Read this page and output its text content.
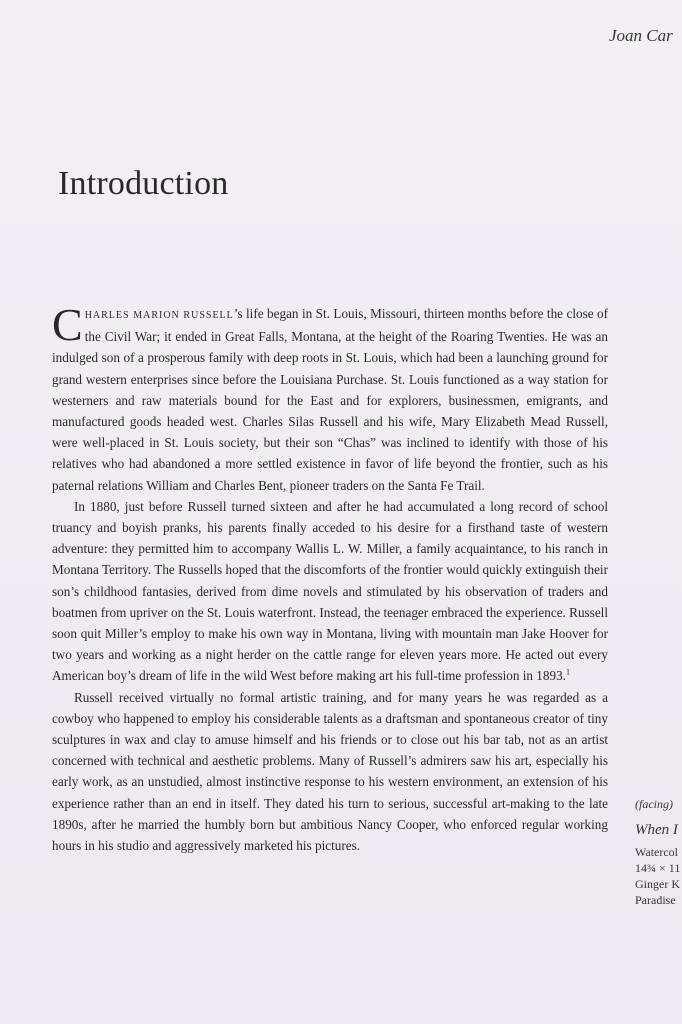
Joan Car
Introduction

CHARLES MARION RUSSELL’s life began in St. Louis, Missouri, thirteen months before the close of the Civil War; it ended in Great Falls, Montana, at the height of the Roaring Twenties. He was an indulged son of a prosperous family with deep roots in St. Louis, which had been a launching ground for grand western enterprises since before the Louisiana Purchase. St. Louis functioned as a way station for westerners and raw materials bound for the East and for explorers, businessmen, emigrants, and manufactured goods headed west. Charles Silas Russell and his wife, Mary Elizabeth Mead Russell, were well-placed in St. Louis society, but their son “Chas” was inclined to identify with those of his relatives who had abandoned a more settled existence in favor of life beyond the frontier, such as his paternal relations William and Charles Bent, pioneer traders on the Santa Fe Trail.

In 1880, just before Russell turned sixteen and after he had accumulated a long record of school truancy and boyish pranks, his parents finally acceded to his desire for a firsthand taste of western adventure: they permitted him to accompany Wallis L. W. Miller, a family acquaintance, to his ranch in Montana Territory. The Russells hoped that the discomforts of the frontier would quickly extinguish their son’s childhood fantasies, derived from dime novels and stimulated by his observation of traders and boatmen from upriver on the St. Louis waterfront. Instead, the teenager embraced the experience. Russell soon quit Miller’s employ to make his own way in Montana, living with mountain man Jake Hoover for two years and working as a night herder on the cattle range for eleven years more. He acted out every American boy’s dream of life in the wild West before making art his full-time profession in 1893.$^1$

Russell received virtually no formal artistic training, and for many years he was regarded as a cowboy who happened to employ his considerable talents as a draftsman and spontaneous creator of tiny sculptures in wax and clay to amuse himself and his friends or to close out his bar tab, not as an artist concerned with technical and aesthetic problems. Many of Russell’s admirers saw his art, especially his early work, as an unstudied, almost instinctive response to his western environment, an extension of his experience rather than an end in itself. They dated his turn to serious, successful art-making to the late 1890s, after he married the humbly born but ambitious Nancy Cooper, who enforced regular working hours in his studio and aggressively marketed his pictures.

(facing)
When I
Watercol
14¾ × 11
Ginger K
Paradise
